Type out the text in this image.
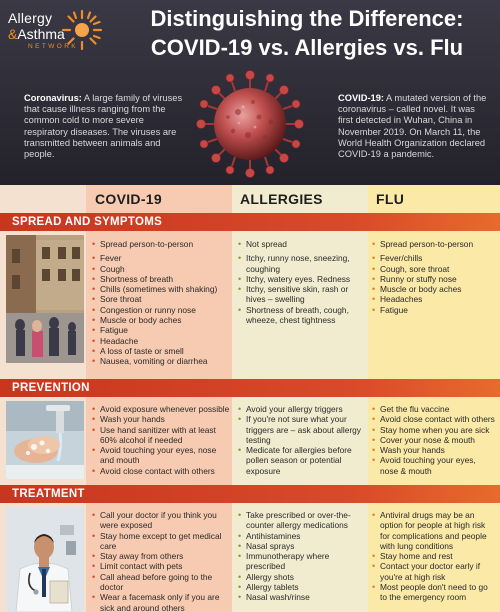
Allergy
&Asthma
NETWORK
Distinguishing the Difference:
COVID-19 vs. Allergies vs. Flu
Coronavirus: A large family of viruses that cause illness ranging from the common cold to more severe respiratory diseases. The viruses are transmitted between animals and people.
COVID-19: A mutated version of the coronavirus – called novel. It was first detected in Wuhan, China in November 2019. On March 11, the World Health Organization declared COVID-19 a pandemic.
COVID-19	ALLERGIES	FLU
SPREAD AND SYMPTOMS
• Spread person-to-person
• Fever
• Cough
• Shortness of breath
• Chills (sometimes with shaking)
• Sore throat
• Congestion or runny nose
• Muscle or body aches
• Fatigue
• Headache
• A loss of taste or smell
• Nausea, vomiting or diarrhea
• Not spread
• Itchy, runny nose, sneezing, coughing
• Itchy, watery eyes. Redness
• Itchy, sensitive skin, rash or hives – swelling
• Shortness of breath, cough, wheeze, chest tightness
• Spread person-to-person
• Fever/chills
• Cough, sore throat
• Runny or stuffy nose
• Muscle or body aches
• Headaches
• Fatigue
PREVENTION
• Avoid exposure whenever possible
• Wash your hands
• Use hand sanitizer with at least 60% alcohol if needed
• Avoid touching your eyes, nose and mouth
• Avoid close contact with others
• Avoid your allergy triggers
• If you're not sure what your triggers are – ask about allergy testing
• Medicate for allergies before pollen season or potential exposure
• Get the flu vaccine
• Avoid close contact with others
• Stay home when you are sick
• Cover your nose & mouth
• Wash your hands
• Avoid touching your eyes, nose & mouth
TREATMENT
• Call your doctor if you think you were exposed
• Stay home except to get medical care
• Stay away from others
• Limit contact with pets
• Call ahead before going to the doctor
• Wear a facemask only if you are sick and around others
• Take prescribed or over-the-counter allergy medications
• Antihistamines
• Nasal sprays
• Immunotherapy where prescribed
• Allergy shots
• Allergy tablets
• Nasal wash/rinse
• Antiviral drugs may be an option for people at high risk for complications and people with lung conditions
• Stay home and rest
• Contact your doctor early if you're at high risk
• Most people don't need to go to the emergency room
